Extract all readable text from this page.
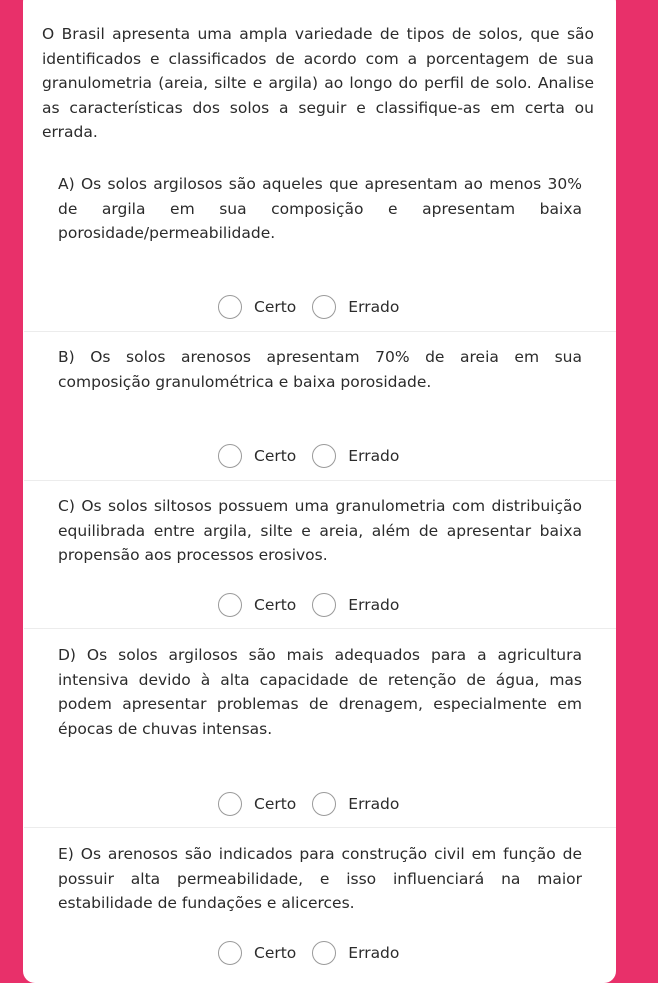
O Brasil apresenta uma ampla variedade de tipos de solos, que são identificados e classificados de acordo com a porcentagem de sua granulometria (areia, silte e argila) ao longo do perfil de solo. Analise as características dos solos a seguir e classifique-as em certa ou errada.
A) Os solos argilosos são aqueles que apresentam ao menos 30% de argila em sua composição e apresentam baixa porosidade/permeabilidade.
Certo	Errado
B) Os solos arenosos apresentam 70% de areia em sua composição granulométrica e baixa porosidade.
Certo	Errado
C) Os solos siltosos possuem uma granulometria com distribuição equilibrada entre argila, silte e areia, além de apresentar baixa propensão aos processos erosivos.
Certo	Errado
D) Os solos argilosos são mais adequados para a agricultura intensiva devido à alta capacidade de retenção de água, mas podem apresentar problemas de drenagem, especialmente em épocas de chuvas intensas.
Certo	Errado
E) Os arenosos são indicados para construção civil em função de possuir alta permeabilidade, e isso influenciará na maior estabilidade de fundações e alicerces.
Certo	Errado
